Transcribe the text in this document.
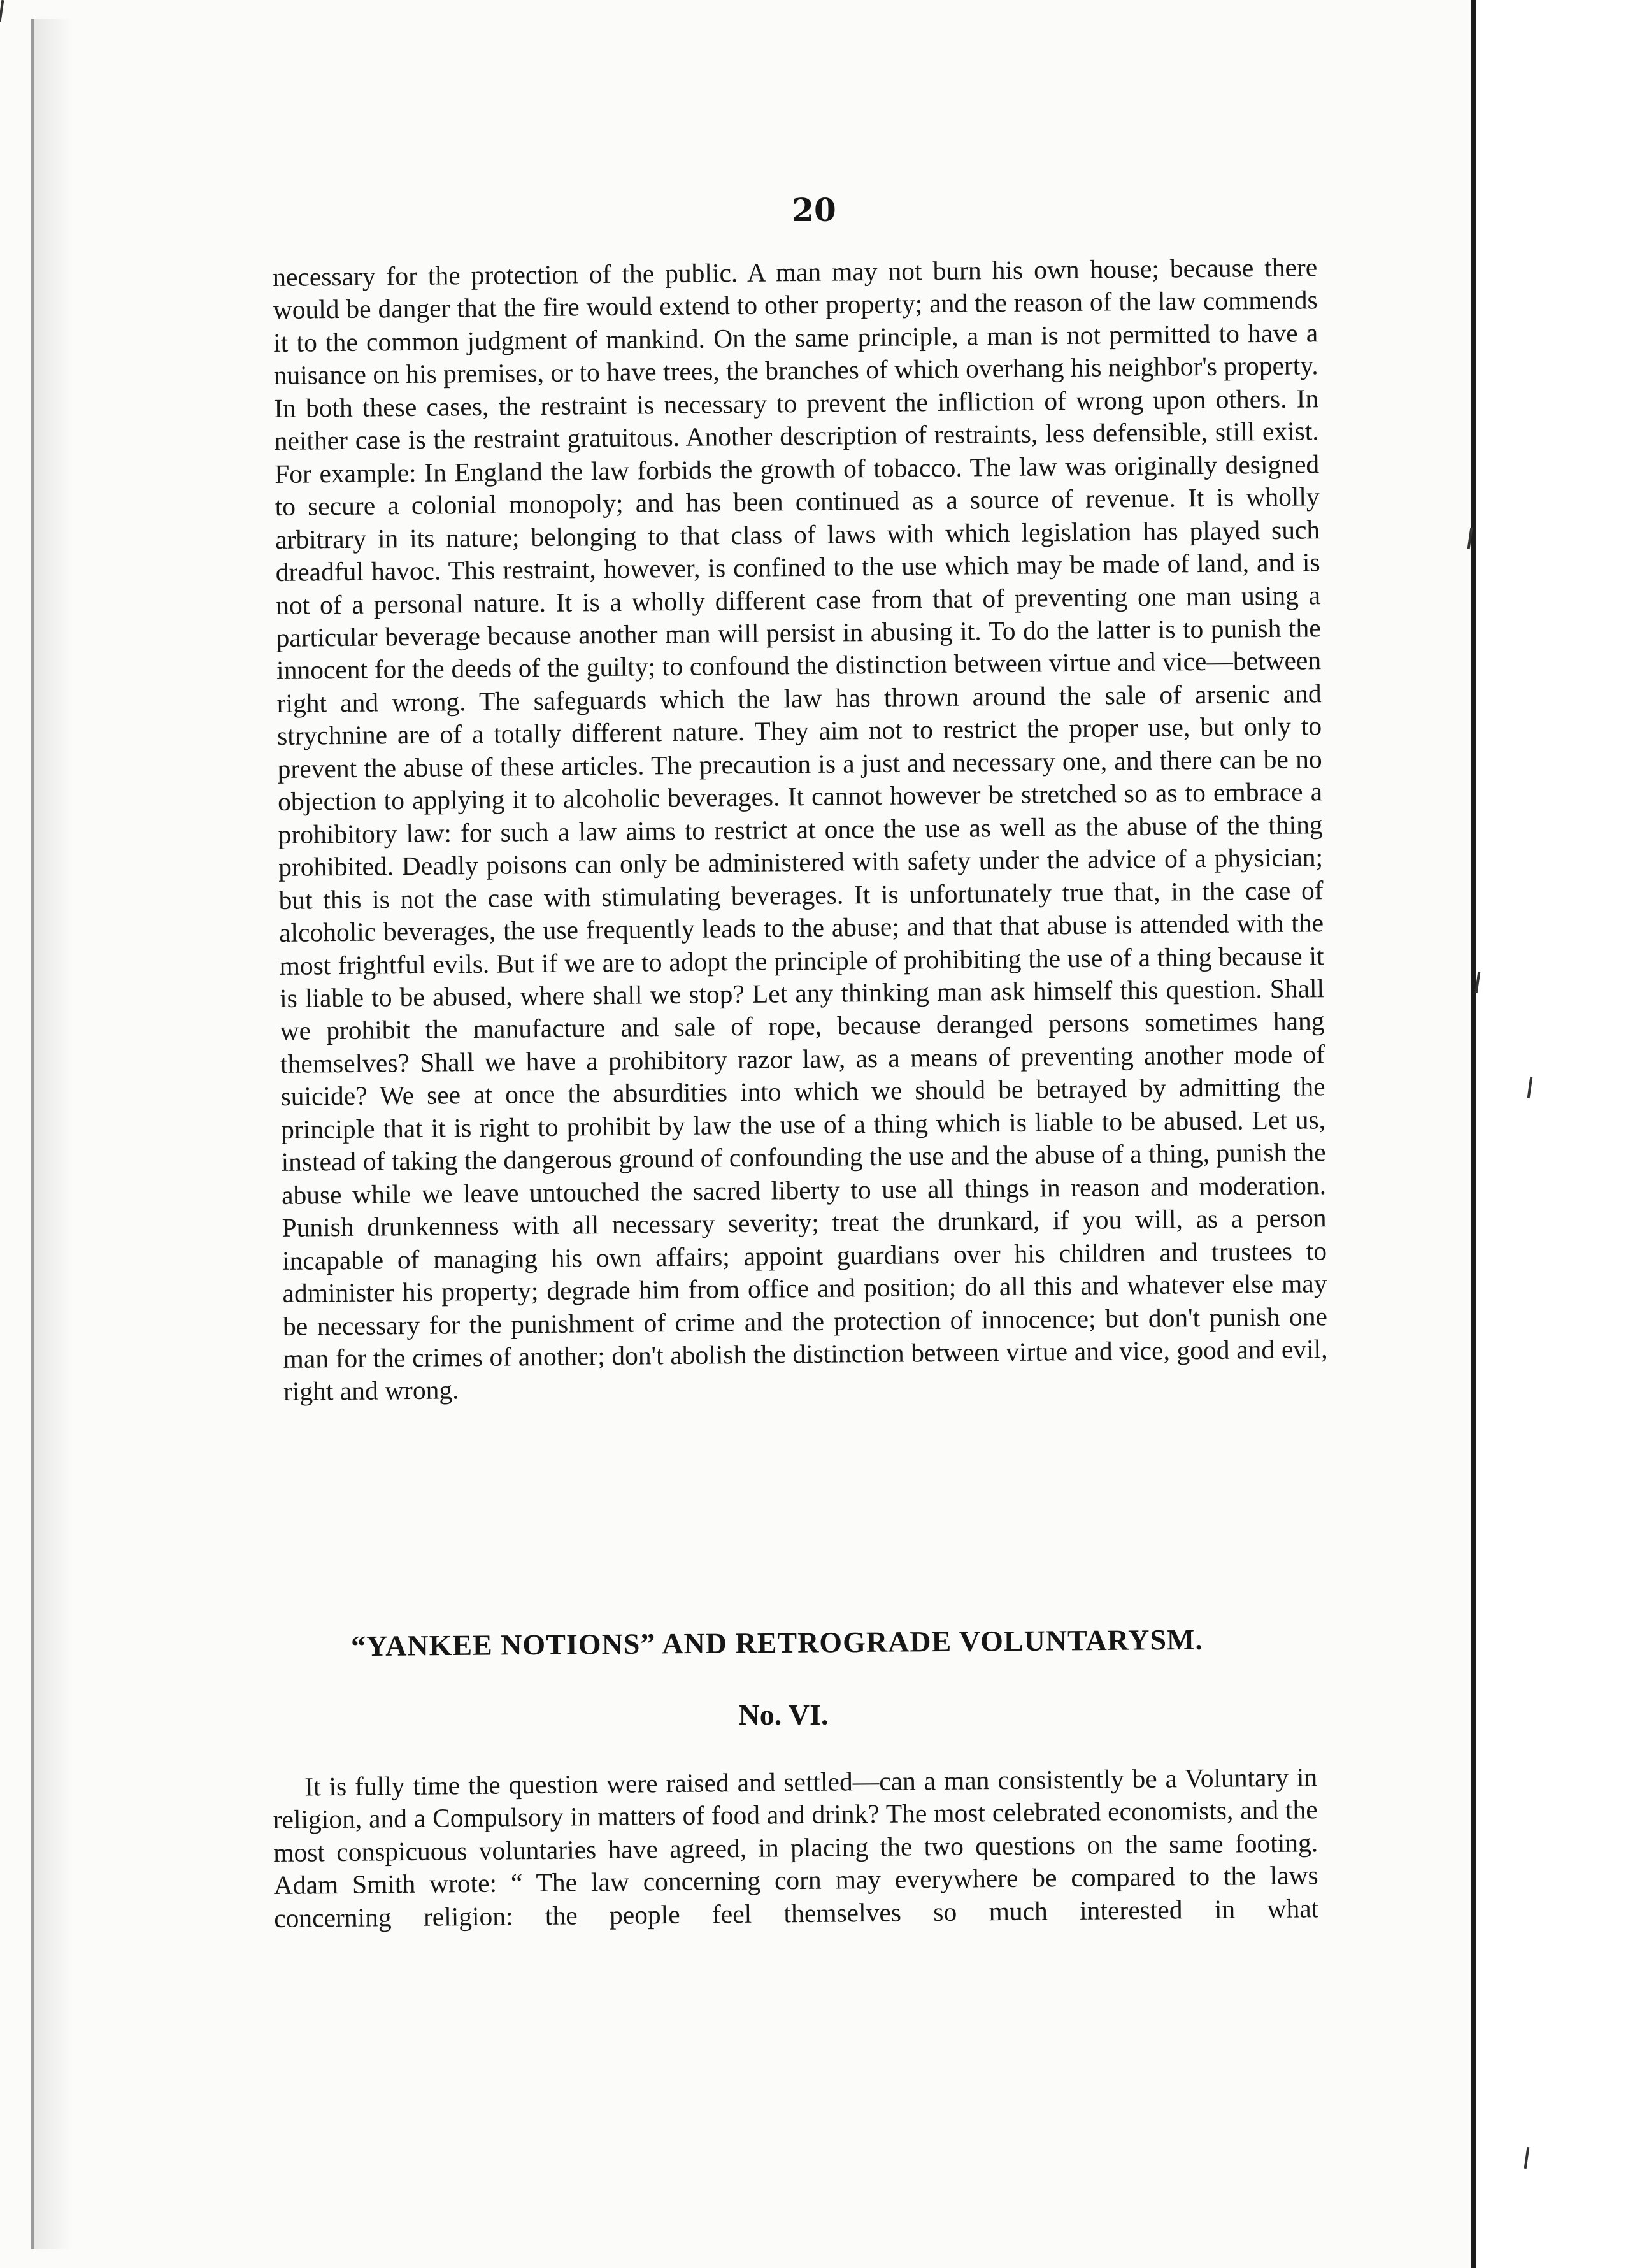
20

necessary for the protection of the public. A man may not burn his own house; because there would be danger that the fire would extend to other property; and the reason of the law commends it to the common judgment of mankind. On the same principle, a man is not permitted to have a nuisance on his premises, or to have trees, the branches of which overhang his neighbor's property. In both these cases, the restraint is necessary to prevent the infliction of wrong upon others. In neither case is the restraint gratuitous. Another description of restraints, less defensible, still exist. For example: In England the law forbids the growth of tobacco. The law was originally designed to secure a colonial monopoly; and has been continued as a source of revenue. It is wholly arbitrary in its nature; belonging to that class of laws with which legislation has played such dreadful havoc. This restraint, however, is confined to the use which may be made of land, and is not of a personal nature. It is a wholly different case from that of preventing one man using a particular beverage because another man will persist in abusing it. To do the latter is to punish the innocent for the deeds of the guilty; to confound the distinction between virtue and vice—between right and wrong. The safeguards which the law has thrown around the sale of arsenic and strychnine are of a totally different nature. They aim not to restrict the proper use, but only to prevent the abuse of these articles. The precaution is a just and necessary one, and there can be no objection to applying it to alcoholic beverages. It cannot however be stretched so as to embrace a prohibitory law: for such a law aims to restrict at once the use as well as the abuse of the thing prohibited. Deadly poisons can only be administered with safety under the advice of a physician; but this is not the case with stimulating beverages. It is unfortunately true that, in the case of alcoholic beverages, the use frequently leads to the abuse; and that that abuse is attended with the most frightful evils. But if we are to adopt the principle of prohibiting the use of a thing because it is liable to be abused, where shall we stop? Let any thinking man ask himself this question. Shall we prohibit the manufacture and sale of rope, because deranged persons sometimes hang themselves? Shall we have a prohibitory razor law, as a means of preventing another mode of suicide? We see at once the absurdities into which we should be betrayed by admitting the principle that it is right to prohibit by law the use of a thing which is liable to be abused. Let us, instead of taking the dangerous ground of confounding the use and the abuse of a thing, punish the abuse while we leave untouched the sacred liberty to use all things in reason and moderation. Punish drunkenness with all necessary severity; treat the drunkard, if you will, as a person incapable of managing his own affairs; appoint guardians over his children and trustees to administer his property; degrade him from office and position; do all this and whatever else may be necessary for the punishment of crime and the protection of innocence; but don't punish one man for the crimes of another; don't abolish the distinction between virtue and vice, good and evil, right and wrong.

“YANKEE NOTIONS” AND RETROGRADE VOLUNTARYSM.
No. VI.

It is fully time the question were raised and settled—can a man consistently be a Voluntary in religion, and a Compulsory in matters of food and drink? The most celebrated economists, and the most conspicuous voluntaries have agreed, in placing the two questions on the same footing. Adam Smith wrote: “ The law concerning corn may everywhere be compared to the laws concerning religion: the people feel themselves so much interested in what
